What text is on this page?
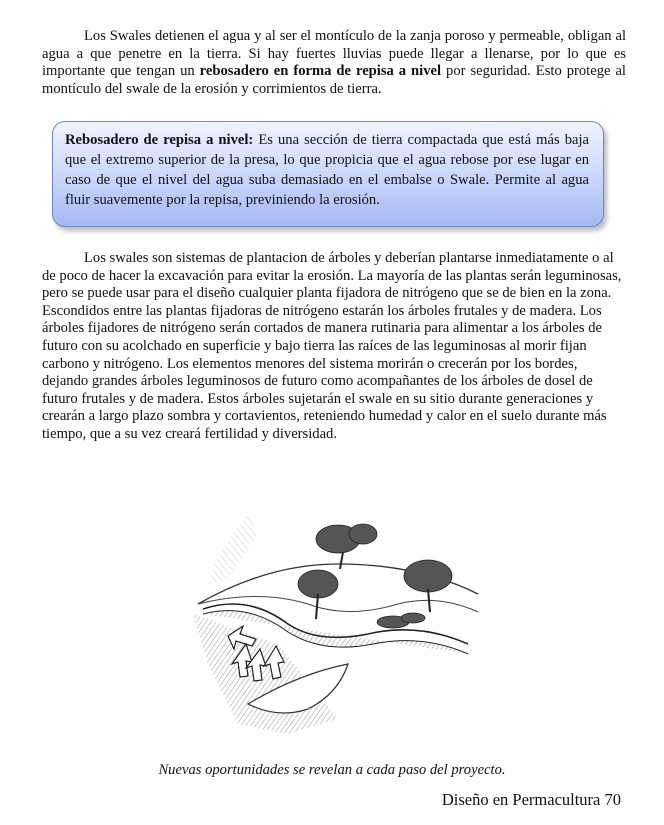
Los Swales detienen el agua y al ser el montículo de la zanja poroso y permeable, obligan al agua a que penetre en la tierra. Si hay fuertes lluvias puede llegar a llenarse, por lo que es importante que tengan un rebosadero en forma de repisa a nivel por seguridad. Esto protege al montículo del swale de la erosión y corrimientos de tierra.

Rebosadero de repisa a nivel: Es una sección de tierra compactada que está más baja que el extremo superior de la presa, lo que propicia que el agua rebose por ese lugar en caso de que el nivel del agua suba demasiado en el embalse o Swale. Permite al agua fluir suavemente por la repisa, previniendo la erosión.

Los swales son sistemas de plantacion de árboles y deberían plantarse inmediatamente o al de poco de hacer la excavación para evitar la erosión. La mayoría de las plantas serán leguminosas, pero se puede usar para el diseño cualquier planta fijadora de nitrógeno que se de bien en la zona. Escondidos entre las plantas fijadoras de nitrógeno estarán los árboles frutales y de madera. Los árboles fijadores de nitrógeno serán cortados de manera rutinaria para alimentar a los árboles de futuro con su acolchado en superficie y bajo tierra las raíces de las leguminosas al morir fijan carbono y nitrógeno. Los elementos menores del sistema morirán o crecerán por los bordes, dejando grandes árboles leguminosos de futuro como acompañantes de los árboles de dosel de futuro frutales y de madera. Estos árboles sujetarán el swale en su sitio durante generaciones y crearán a largo plazo sombra y cortavientos, reteniendo humedad y calor en el suelo durante más tiempo, que a su vez creará fertilidad y diversidad.

Nuevas oportunidades se revelan a cada paso del proyecto.
Diseño en Permacultura 70
